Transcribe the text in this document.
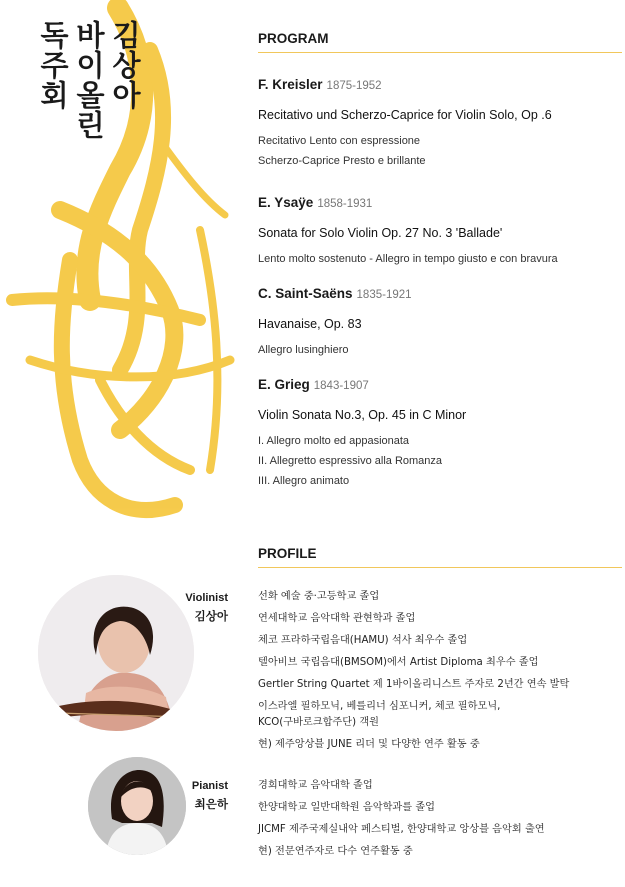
김상아
바이올린
독주회	PROGRAM
F. Kreisler 1875-1952
Recitativo und Scherzo-Caprice for Violin Solo, Op .6
Recitativo Lento con espressione
Scherzo-Caprice Presto e brillante
E. Ysaÿe 1858-1931
Sonata for Solo Violin Op. 27 No. 3 'Ballade'
Lento molto sostenuto - Allegro in tempo giusto e con bravura
C. Saint-Saëns 1835-1921
Havanaise, Op. 83
Allegro lusinghiero
E. Grieg 1843-1907
Violin Sonata No.3, Op. 45 in C Minor
I. Allegro molto ed appasionata
II. Allegretto espressivo alla Romanza
III. Allegro animato
PROFILE
Violinist
김상아
선화 예술 중·고등학교 졸업
연세대학교 음악대학 관현학과 졸업
체코 프라하국립음대(HAMU) 석사 최우수 졸업
텔아비브 국립음대(BMSOM)에서 Artist Diploma 최우수 졸업
Gertler String Quartet 제 1바이올리니스트 주자로 2년간 연속 발탁
이스라엘 필하모닉, 베를리너 심포니커, 체코 필하모닉,
KCO(구바로크합주단) 객원
현) 제주앙상블 JUNE 리더 및 다양한 연주 활동 중
Pianist
최은하
경희대학교 음악대학 졸업
한양대학교 일반대학원 음악학과를 졸업
JICMF 제주국제실내악 페스티벌, 한양대학교 앙상블 음악회 출연
현) 전문연주자로 다수 연주활동 중
